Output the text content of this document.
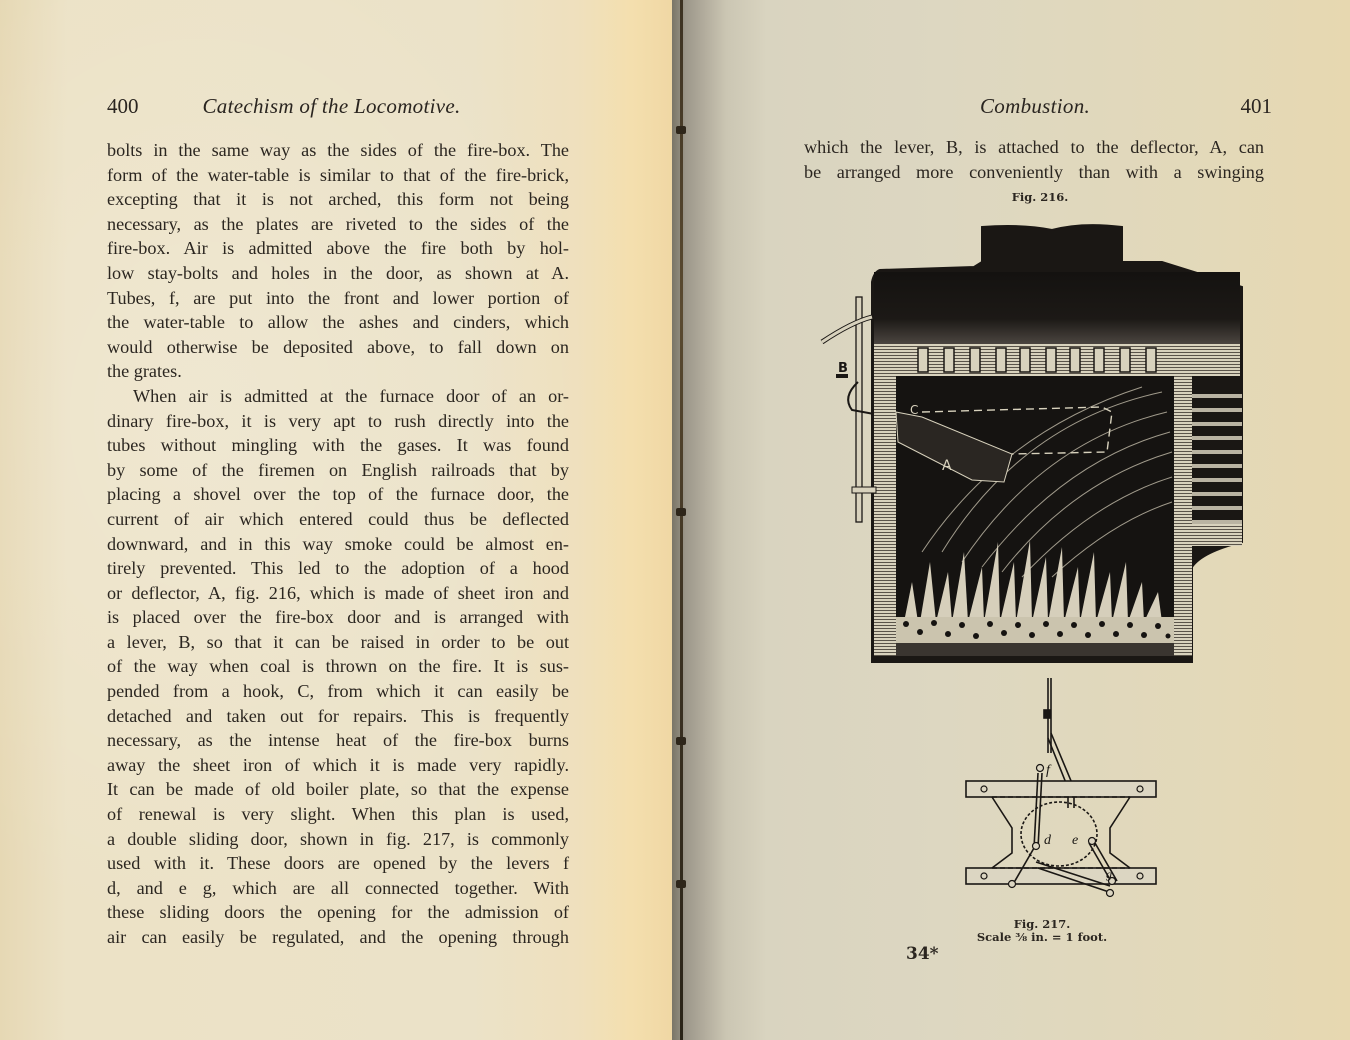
400	Catechism of the Locomotive.
bolts in the same way as the sides of the fire-box. The
form of the water-table is similar to that of the fire-brick,
excepting that it is not arched, this form not being
necessary, as the plates are riveted to the sides of the
fire-box. Air is admitted above the fire both by hol-
low stay-bolts and holes in the door, as shown at A.
Tubes, f, are put into the front and lower portion of
the water-table to allow the ashes and cinders, which
would otherwise be deposited above, to fall down on
the grates.
When air is admitted at the furnace door of an or-
dinary fire-box, it is very apt to rush directly into the
tubes without mingling with the gases. It was found
by some of the firemen on English railroads that by
placing a shovel over the top of the furnace door, the
current of air which entered could thus be deflected
downward, and in this way smoke could be almost en-
tirely prevented. This led to the adoption of a hood
or deflector, A, fig. 216, which is made of sheet iron and
is placed over the fire-box door and is arranged with
a lever, B, so that it can be raised in order to be out
of the way when coal is thrown on the fire. It is sus-
pended from a hook, C, from which it can easily be
detached and taken out for repairs. This is frequently
necessary, as the intense heat of the fire-box burns
away the sheet iron of which it is made very rapidly.
It can be made of old boiler plate, so that the expense
of renewal is very slight. When this plan is used,
a double sliding door, shown in fig. 217, is commonly
used with it. These doors are opened by the levers f
d, and e g, which are all connected together. With
these sliding doors the opening for the admission of
air can easily be regulated, and the opening through
Combustion.	401
which the lever, B, is attached to the deflector, A, can
be arranged more conveniently than with a swinging
Fig. 216.
C
A
B
f
d e
g
Fig. 217.
Scale ⅜ in. = 1 foot.
34*
